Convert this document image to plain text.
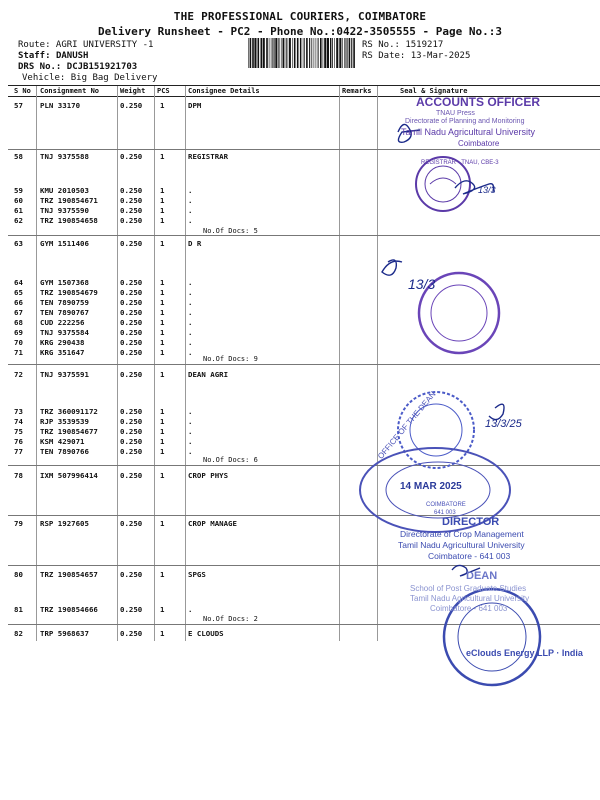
THE PROFESSIONAL COURIERS, COIMBATORE
Delivery Runsheet - PC2 - Phone No.:0422-3505555 - Page No.:3
Route: AGRI UNIVERSITY -1
Staff: DANUSH
DRS No.: DCJB151921703
Vehicle: Big Bag Delivery
RS No.: 1519217
RS Date: 13-Mar-2025
S No Consignment No	Weight PCS	Consignee Details	Remarks	Seal & Signature
57 PLN 33170	0.250 1	DPM
58 TNJ 9375588	0.250 1	REGISTRAR
59 KMU 2010503	0.250 1	.
60 TRZ 190854671	0.250 1	.
61 TNJ 9375590	0.250 1	.
62 TRZ 190854658	0.250 1	.
63 GYM 1511406	0.250 1	D R
64 GYM 1507368	0.250 1	.
65 TRZ 190854679	0.250 1	.
66 TEN 7890759	0.250 1	.
67 TEN 7890767	0.250 1	.
68 CUD 222256	0.250 1	.
69 TNJ 9375584	0.250 1	.
70 KRG 290438	0.250 1	.
71 KRG 351647	0.250 1	.
72 TNJ 9375591	0.250 1	DEAN AGRI
73 TRZ 360091172	0.250 1	.
74 RJP 3539539	0.250 1	.
75 TRZ 190854677	0.250 1	.
76 KSM 429071	0.250 1	.
77 TEN 7890766	0.250 1	.
78 IXM 507996414	0.250 1	CROP PHYS
79 RSP 1927605	0.250 1	CROP MANAGE
80 TRZ 190854657	0.250 1	SPGS
81 TRZ 190854666	0.250 1	.
82 TRP 5968637	0.250 1	E CLOUDS
No.Of Docs: 5
No.Of Docs: 9
No.Of Docs: 6
No.Of Docs: 2
ACCOUNTS OFFICER
TNAU Press
Directorate of Planning and Monitoring
Tamil Nadu Agricultural University
Coimbatore
REGISTRAR · TNAU, CBE-3
13/3
13/3
13/3/25
OFFICE OF THE DEAN
14 MAR 2025
COIMBATORE
641 003
DIRECTOR
Directorate of Crop Management
Tamil Nadu Agricultural University
Coimbatore - 641 003
DEAN
School of Post Graduate Studies
Tamil Nadu Agricultural University
Coimbatore - 641 003
eClouds Energy LLP · India
